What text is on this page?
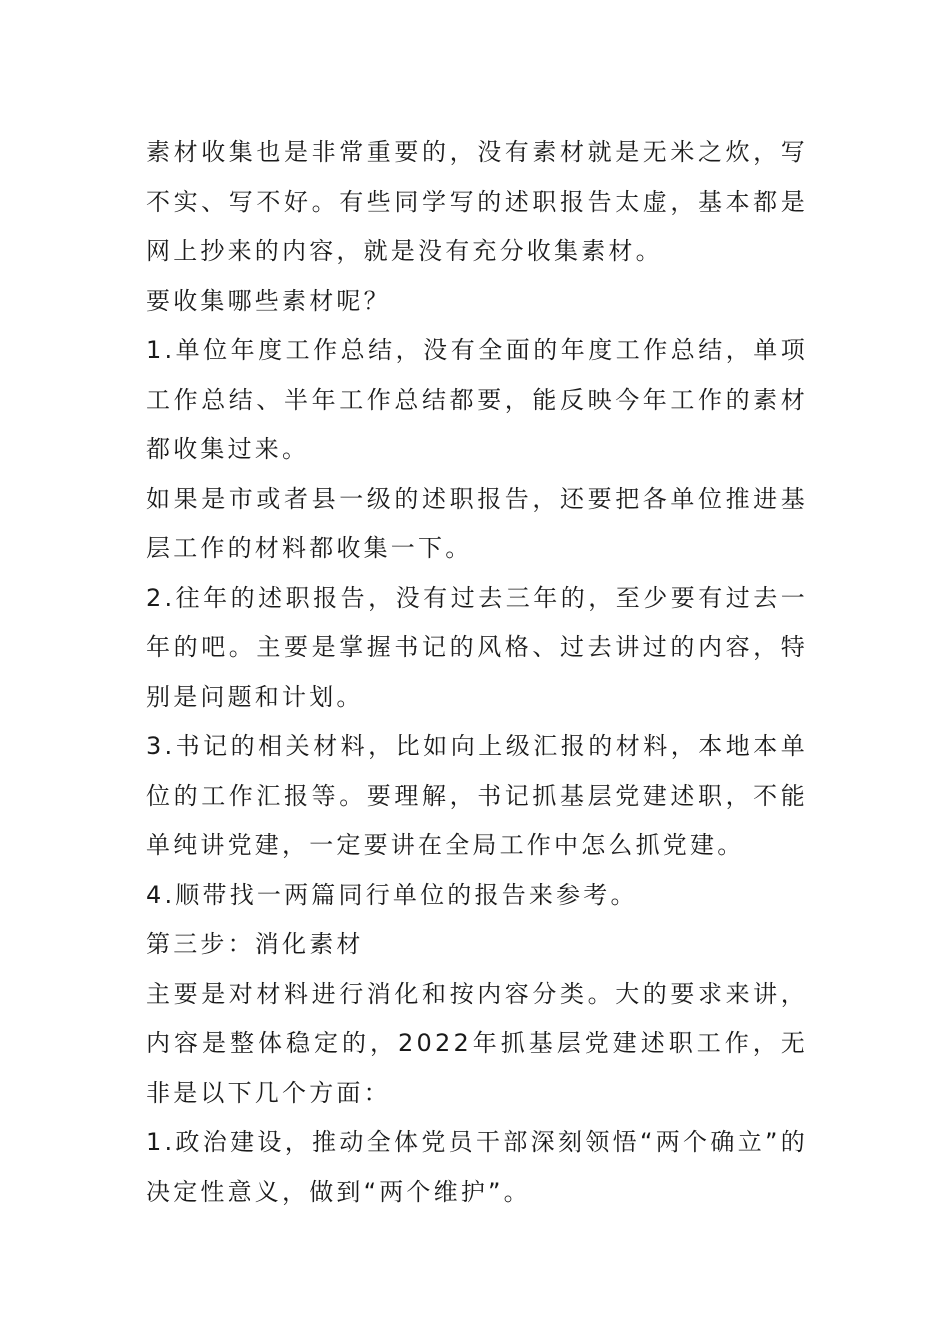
素材收集也是非常重要的，没有素材就是无米之炊，写不实、写不好。有些同学写的述职报告太虚，基本都是网上抄来的内容，就是没有充分收集素材。

要收集哪些素材呢？

1.单位年度工作总结，没有全面的年度工作总结，单项工作总结、半年工作总结都要，能反映今年工作的素材都收集过来。

如果是市或者县一级的述职报告，还要把各单位推进基层工作的材料都收集一下。

2.往年的述职报告，没有过去三年的，至少要有过去一年的吧。主要是掌握书记的风格、过去讲过的内容，特别是问题和计划。

3.书记的相关材料，比如向上级汇报的材料，本地本单位的工作汇报等。要理解，书记抓基层党建述职，不能单纯讲党建，一定要讲在全局工作中怎么抓党建。

4.顺带找一两篇同行单位的报告来参考。

第三步：消化素材

主要是对材料进行消化和按内容分类。大的要求来讲，内容是整体稳定的，2022年抓基层党建述职工作，无非是以下几个方面：

1.政治建设，推动全体党员干部深刻领悟“两个确立”的决定性意义，做到“两个维护”。
